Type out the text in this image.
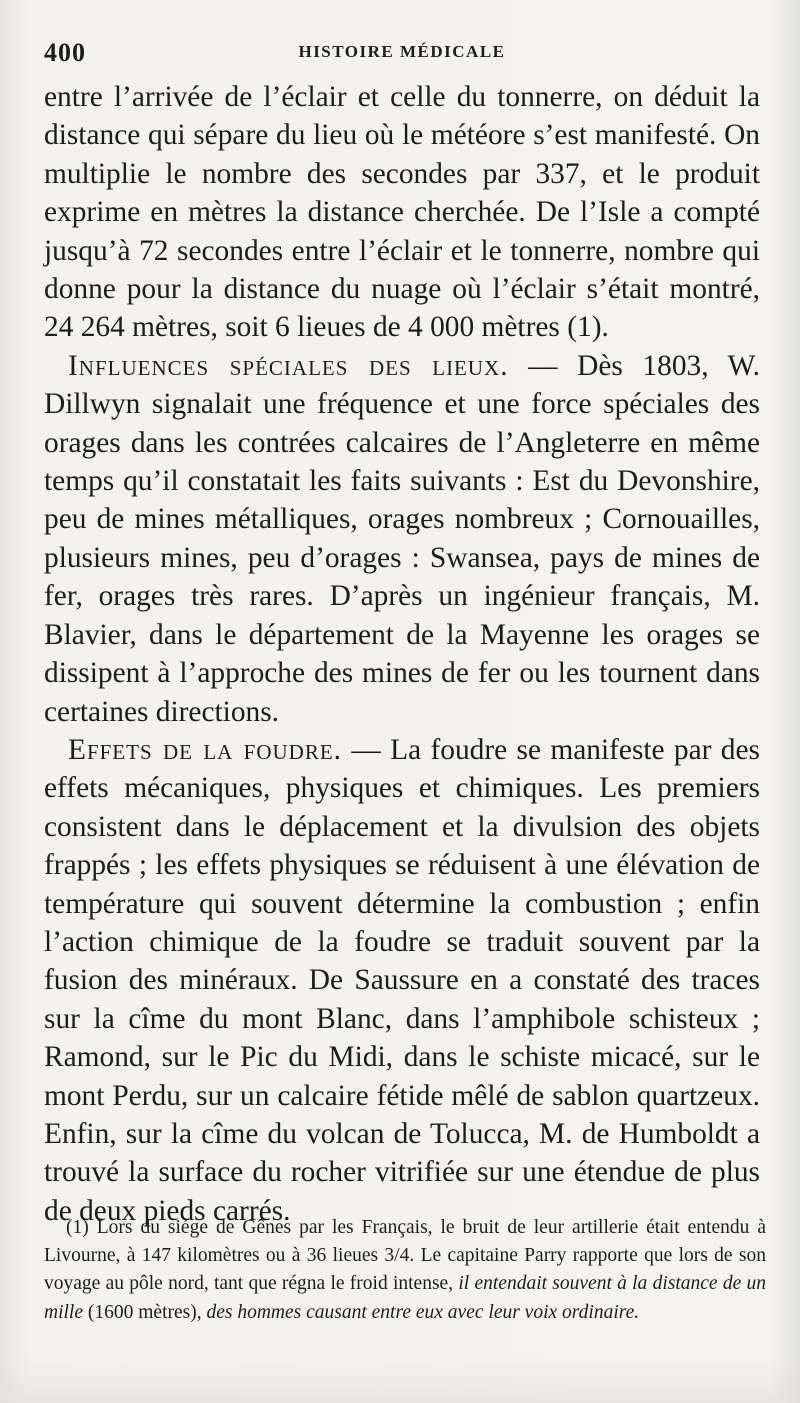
400	HISTOIRE MÉDICALE

entre l’arrivée de l’éclair et celle du tonnerre, on déduit la distance qui sépare du lieu où le météore s’est manifesté. On multiplie le nombre des secondes par 337, et le produit exprime en mètres la distance cherchée. De l’Isle a compté jusqu’à 72 secondes entre l’éclair et le tonnerre, nombre qui donne pour la distance du nuage où l’éclair s’était montré, 24 264 mètres, soit 6 lieues de 4 000 mètres (1).

Influences spéciales des lieux. — Dès 1803, W. Dillwyn signalait une fréquence et une force spéciales des orages dans les contrées calcaires de l’Angleterre en même temps qu’il constatait les faits suivants : Est du Devonshire, peu de mines métalliques, orages nombreux ; Cornouailles, plusieurs mines, peu d’orages : Swansea, pays de mines de fer, orages très rares. D’après un ingénieur français, M. Blavier, dans le département de la Mayenne les orages se dissipent à l’approche des mines de fer ou les tournent dans certaines directions.

Effets de la foudre. — La foudre se manifeste par des effets mécaniques, physiques et chimiques. Les premiers consistent dans le déplacement et la divulsion des objets frappés ; les effets physiques se réduisent à une élévation de température qui souvent détermine la combustion ; enfin l’action chimique de la foudre se traduit souvent par la fusion des minéraux. De Saussure en a constaté des traces sur la cîme du mont Blanc, dans l’amphibole schisteux ; Ramond, sur le Pic du Midi, dans le schiste micacé, sur le mont Perdu, sur un calcaire fétide mêlé de sablon quartzeux. Enfin, sur la cîme du volcan de Tolucca, M. de Humboldt a trouvé la surface du rocher vitrifiée sur une étendue de plus de deux pieds carrés.

(1) Lors du siége de Gênes par les Français, le bruit de leur artillerie était entendu à Livourne, à 147 kilomètres ou à 36 lieues 3/4. Le capitaine Parry rapporte que lors de son voyage au pôle nord, tant que régna le froid intense, il entendait souvent à la distance de un mille (1600 mètres), des hommes causant entre eux avec leur voix ordinaire.
